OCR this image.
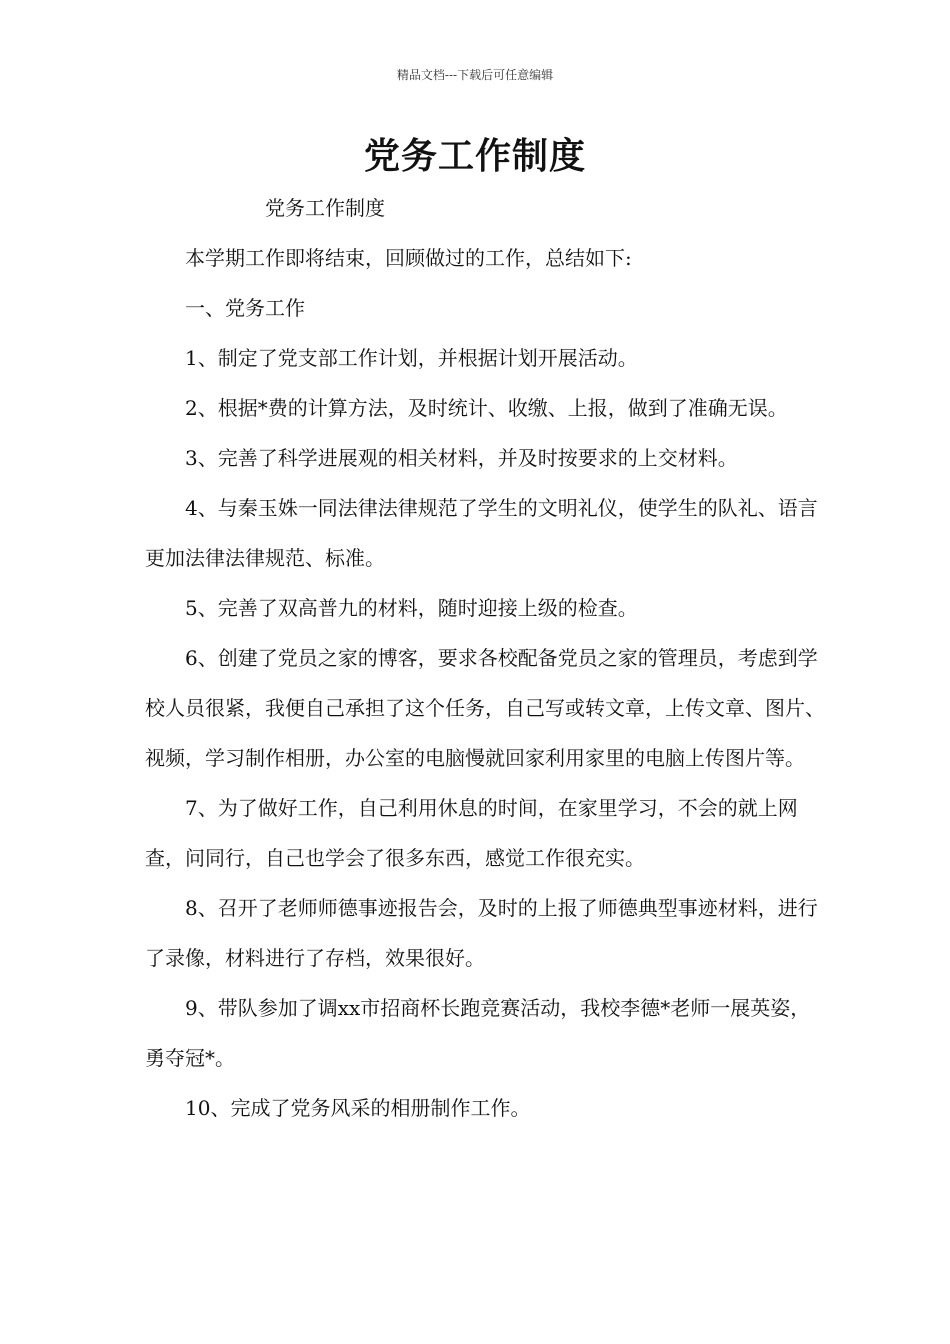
精品文档---下载后可任意编辑
党务工作制度

党务工作制度

本学期工作即将结束，回顾做过的工作，总结如下:

一、党务工作

1、制定了党支部工作计划，并根据计划开展活动。

2、根据*费的计算方法，及时统计、收缴、上报，做到了准确无误。

3、完善了科学进展观的相关材料，并及时按要求的上交材料。

4、与秦玉姝一同法律法律规范了学生的文明礼仪，使学生的队礼、语言更加法律法律规范、标准。

5、完善了双高普九的材料，随时迎接上级的检查。

6、创建了党员之家的博客，要求各校配备党员之家的管理员，考虑到学校人员很紧，我便自己承担了这个任务，自己写或转文章，上传文章、图片、视频，学习制作相册，办公室的电脑慢就回家利用家里的电脑上传图片等。

7、为了做好工作，自己利用休息的时间，在家里学习，不会的就上网查，问同行，自己也学会了很多东西，感觉工作很充实。

8、召开了老师师德事迹报告会，及时的上报了师德典型事迹材料，进行了录像，材料进行了存档，效果很好。

9、带队参加了调xx市招商杯长跑竞赛活动，我校李德*老师一展英姿，勇夺冠*。

10、完成了党务风采的相册制作工作。
